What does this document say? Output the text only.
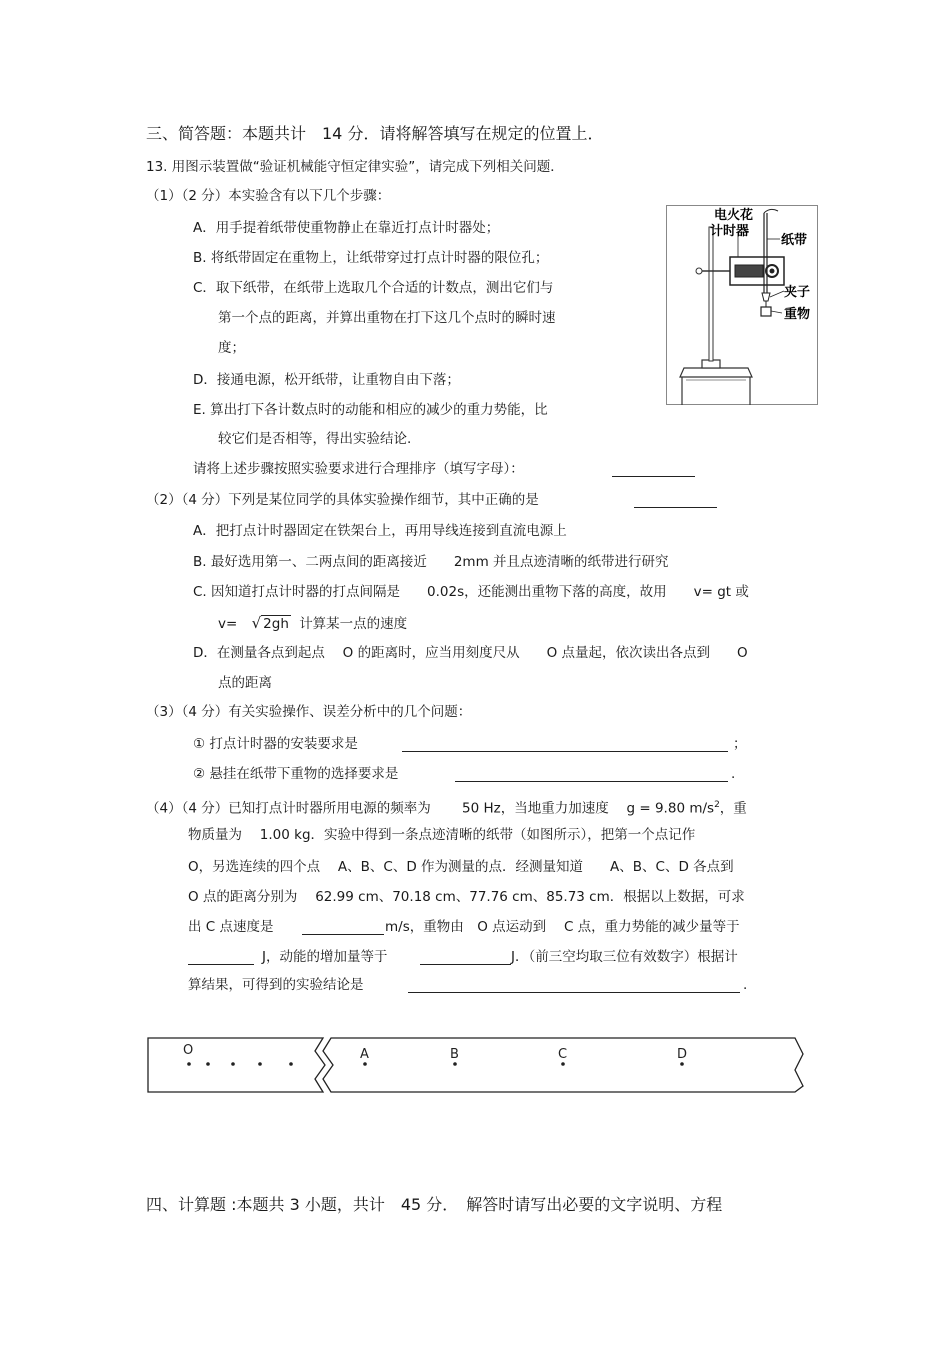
三、简答题：本题共计　14 分．请将解答填写在规定的位置上．
13. 用图示装置做“验证机械能守恒定律实验”，请完成下列相关问题．
（1）（2 分）本实验含有以下几个步骤：
A．用手提着纸带使重物静止在靠近打点计时器处；
B. 将纸带固定在重物上，让纸带穿过打点计时器的限位孔；
C．取下纸带，在纸带上选取几个合适的计数点，测出它们与
第一个点的距离，并算出重物在打下这几个点时的瞬时速
度；
D．接通电源，松开纸带，让重物自由下落；
E. 算出打下各计数点时的动能和相应的减少的重力势能，比
较它们是否相等，得出实验结论.
请将上述步骤按照实验要求进行合理排序（填写字母）：
电火花
计时器
纸带
夹子
重物
（2）（4 分）下列是某位同学的具体实验操作细节，其中正确的是
A．把打点计时器固定在铁架台上，再用导线连接到直流电源上
B. 最好选用第一、二两点间的距离接近　　2mm 并且点迹清晰的纸带进行研究
C. 因知道打点计时器的打点间隔是　　0.02s，还能测出重物下落的高度，故用　　v= gt 或
v= √ 2gh 计算某一点的速度
D．在测量各点到起点　 O 的距离时，应当用刻度尺从　　O 点量起，依次读出各点到　　O
点的距离
（3）（4 分）有关实验操作、误差分析中的几个问题：
① 打点计时器的安装要求是	；
② 悬挂在纸带下重物的选择要求是	.
（4）（4 分）已知打点计时器所用电源的频率为　　 50 Hz，当地重力加速度　 g = 9.80 $m/s^2$，重
物质量为　 1.00 kg．实验中得到一条点迹清晰的纸带（如图所示），把第一个点记作
O，另选连续的四个点　 A、B、C、D 作为测量的点．经测量知道　　A、B、C、D 各点到
O 点的距离分别为　 62.99 cm、70.18 cm、77.76 cm、85.73 cm．根据以上数据，可求
出 C 点速度是	m/s，重物由　O 点运动到　 C 点，重力势能的减少量等于
J，动能的增加量等于	J．（前三空均取三位有效数字）根据计
算结果，可得到的实验结论是	.
O	A	B	C	D
四、计算题 :本题共 3 小题，共计　45 分．　解答时请写出必要的文字说明、方程
